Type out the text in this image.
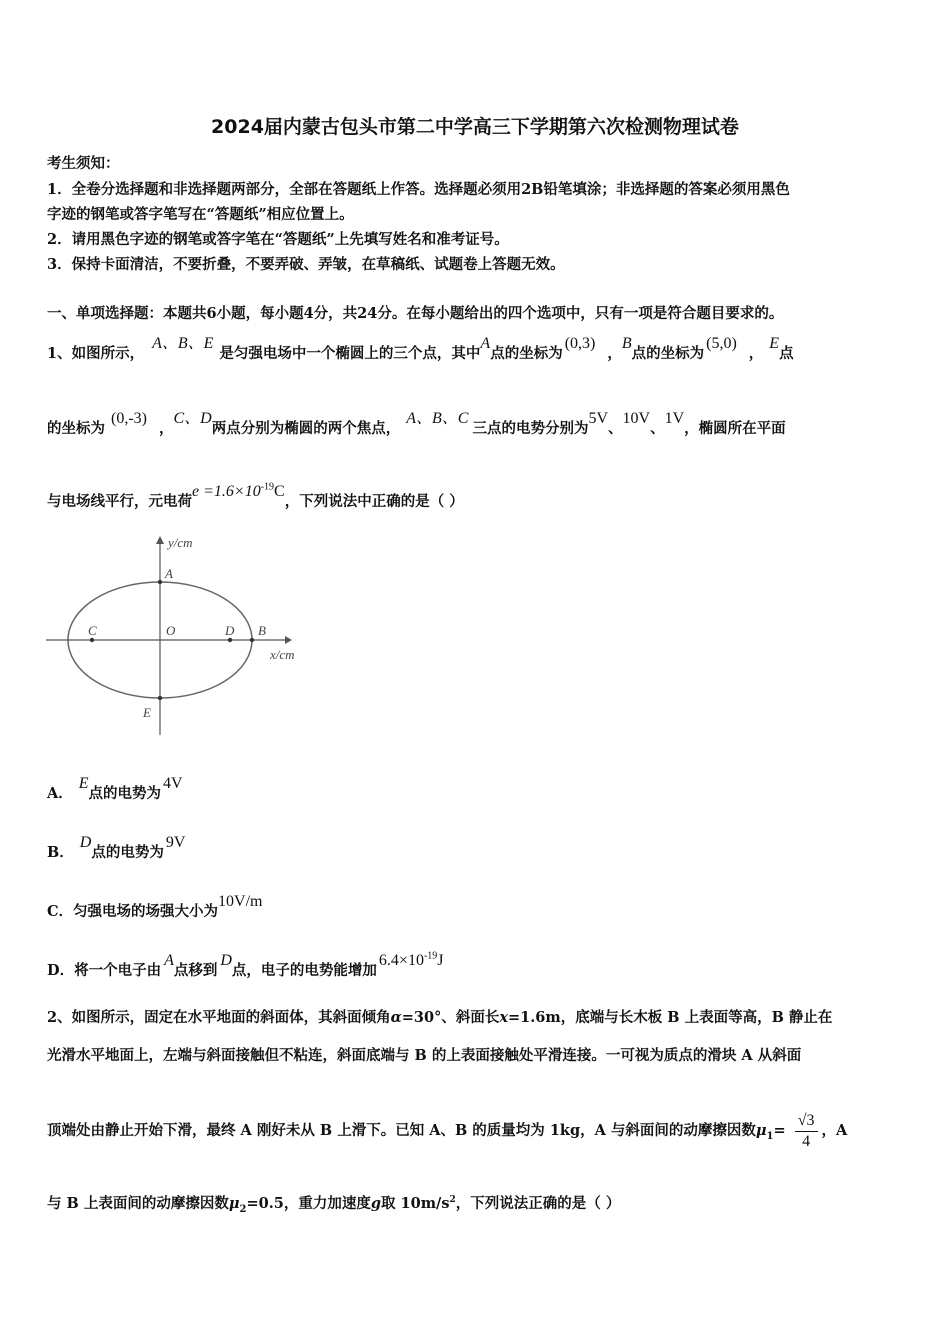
2024届内蒙古包头市第二中学高三下学期第六次检测物理试卷
考生须知：
1．全卷分选择题和非选择题两部分，全部在答题纸上作答。选择题必须用2B铅笔填涂；非选择题的答案必须用黑色
字迹的钢笔或答字笔写在“答题纸”相应位置上。
2．请用黑色字迹的钢笔或答字笔在“答题纸”上先填写姓名和准考证号。
3．保持卡面清洁，不要折叠，不要弄破、弄皱，在草稿纸、试题卷上答题无效。
一、单项选择题：本题共6小题，每小题4分，共24分。在每小题给出的四个选项中，只有一项是符合题目要求的。
1、如图所示，A、B、E是匀强电场中一个椭圆上的三个点，其中A点的坐标为(0,3)，B点的坐标为(5,0)，E点
的坐标为(0,-3)，C、D两点分别为椭圆的两个焦点，A、B、C三点的电势分别为5V、10V、1V，椭圆所在平面
与电场线平行，元电荷$e =1.6\times 10^{-19}C$，下列说法中正确的是（ ）
y/cm
x/cm
A
B
C	D
O
E
A．E点的电势为4V
B．D点的电势为9V
C．匀强电场的场强大小为10V/m
D．将一个电子由A点移到D点，电子的电势能增加$6.4\times 10^{-19}J$
2、如图所示，固定在水平地面的斜面体，其斜面倾角α=30°、斜面长x=1.6m，底端与长木板 B 上表面等高，B 静止在
光滑水平地面上，左端与斜面接触但不粘连，斜面底端与 B 的上表面接触处平滑连接。一可视为质点的滑块 A 从斜面
顶端处由静止开始下滑，最终 A 刚好未从 B 上滑下。已知 A、B 的质量均为 1kg，A 与斜面间的动摩擦因数$\mu_1= \frac{√3}{4}$ ，A
与 B 上表面间的动摩擦因数$\mu_2=0.5$，重力加速度g取 $10m/s^2$，下列说法正确的是（ ）
